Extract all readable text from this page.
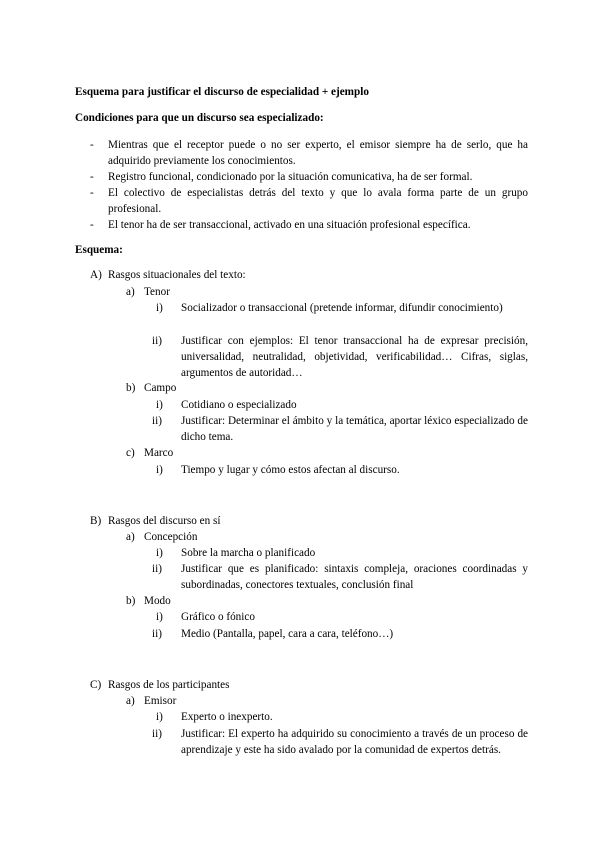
Esquema para justificar el discurso de especialidad + ejemplo
Condiciones para que un discurso sea especializado:
- Mientras que el receptor puede o no ser experto, el emisor siempre ha de serlo, que ha adquirido previamente los conocimientos.
- Registro funcional, condicionado por la situación comunicativa, ha de ser formal.
- El colectivo de especialistas detrás del texto y que lo avala forma parte de un grupo profesional.
- El tenor ha de ser transaccional, activado en una situación profesional específica.
Esquema:
A) Rasgos situacionales del texto:
a) Tenor
i) Socializador o transaccional (pretende informar, difundir conocimiento)
ii) Justificar con ejemplos: El tenor transaccional ha de expresar precisión, universalidad, neutralidad, objetividad, verificabilidad… Cifras, siglas, argumentos de autoridad…
b) Campo
i) Cotidiano o especializado
ii) Justificar: Determinar el ámbito y la temática, aportar léxico especializado de dicho tema.
c) Marco
i) Tiempo y lugar y cómo estos afectan al discurso.
B) Rasgos del discurso en sí
a) Concepción
i) Sobre la marcha o planificado
ii) Justificar que es planificado: sintaxis compleja, oraciones coordinadas y subordinadas, conectores textuales, conclusión final
b) Modo
i) Gráfico o fónico
ii) Medio (Pantalla, papel, cara a cara, teléfono…)
C) Rasgos de los participantes
a) Emisor
i) Experto o inexperto.
ii) Justificar: El experto ha adquirido su conocimiento a través de un proceso de aprendizaje y este ha sido avalado por la comunidad de expertos detrás.
